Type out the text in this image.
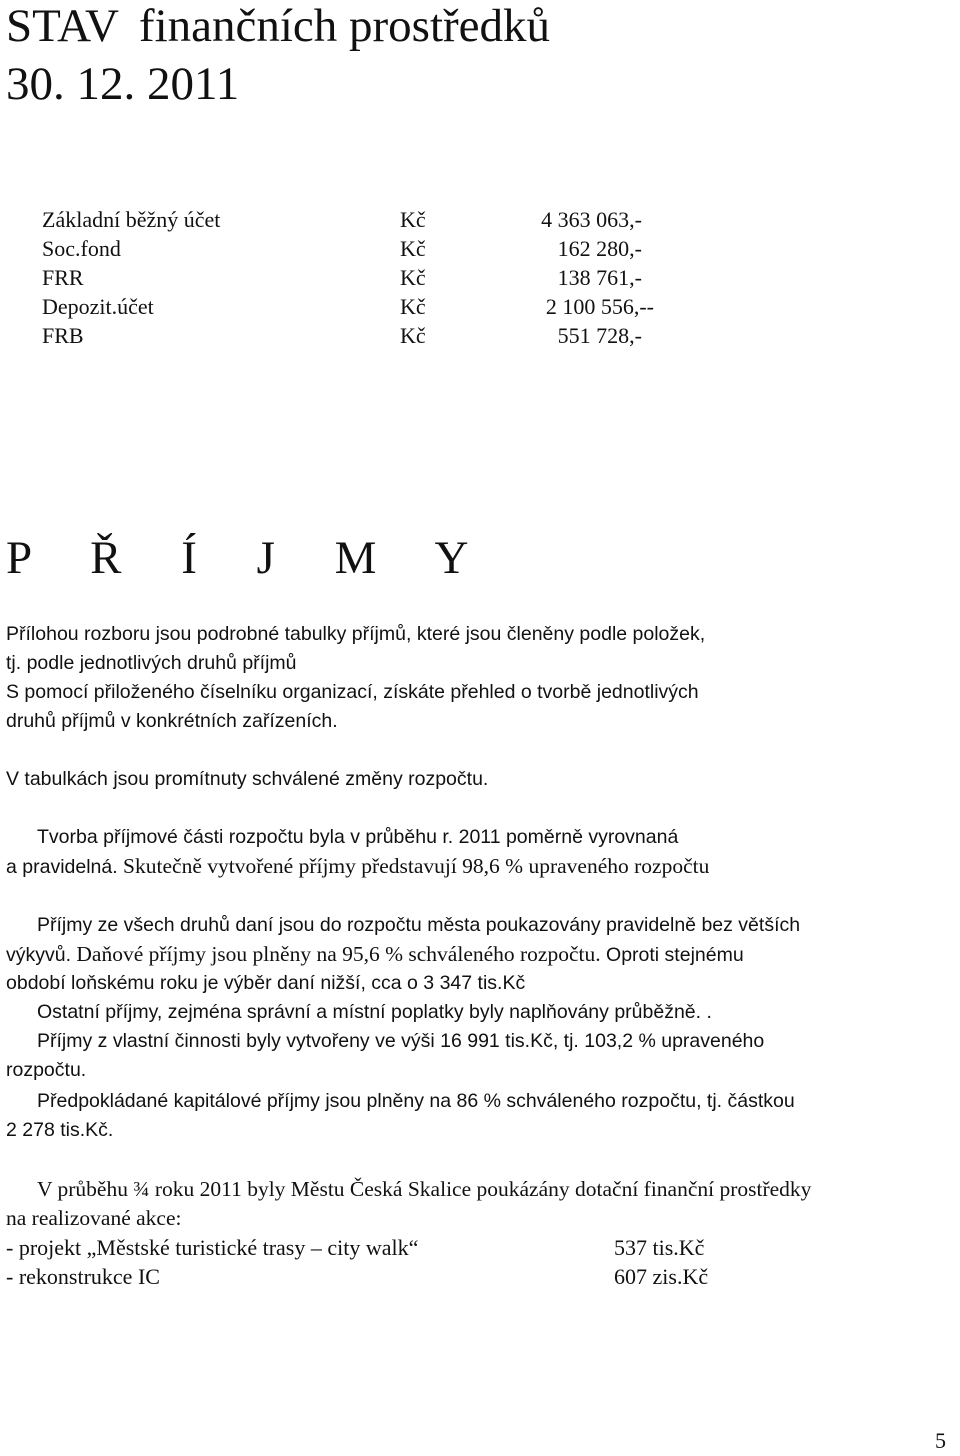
STAV finančních prostředků
30. 12. 2011
Základní běžný účet	Kč	4 363 063,-
Soc.fond	Kč	162 280,-
FRR	Kč	138 761,-
Depozit.účet	Kč	2 100 556,--
FRB	Kč	551 728,-
P Ř Í J M Y
Přílohou rozboru jsou podrobné tabulky příjmů, které jsou členěny podle položek,
tj. podle jednotlivých druhů příjmů
S pomocí přiloženého číselníku organizací, získáte přehled o tvorbě jednotlivých
druhů příjmů v konkrétních zařízeních.
V tabulkách jsou promítnuty schválené změny rozpočtu.
Tvorba příjmové části rozpočtu byla v průběhu r. 2011 poměrně vyrovnaná
a pravidelná. Skutečně vytvořené příjmy představují 98,6 % upraveného rozpočtu
Příjmy ze všech druhů daní jsou do rozpočtu města poukazovány pravidelně bez větších
výkyvů. Daňové příjmy jsou plněny na 95,6 % schváleného rozpočtu. Oproti stejnému
období loňskému roku je výběr daní nižší, cca o 3 347 tis.Kč
Ostatní příjmy, zejména správní a místní poplatky byly naplňovány průběžně. .
Příjmy z vlastní činnosti byly vytvořeny ve výši 16 991 tis.Kč, tj. 103,2 % upraveného
rozpočtu.
Předpokládané kapitálové příjmy jsou plněny na 86 % schváleného rozpočtu, tj. částkou
2 278 tis.Kč.
V průběhu ¾ roku 2011 byly Městu Česká Skalice poukázány dotační finanční prostředky
na realizované akce:
- projekt „Městské turistické trasy – city walk“	537 tis.Kč
- rekonstrukce IC	607 zis.Kč
5
